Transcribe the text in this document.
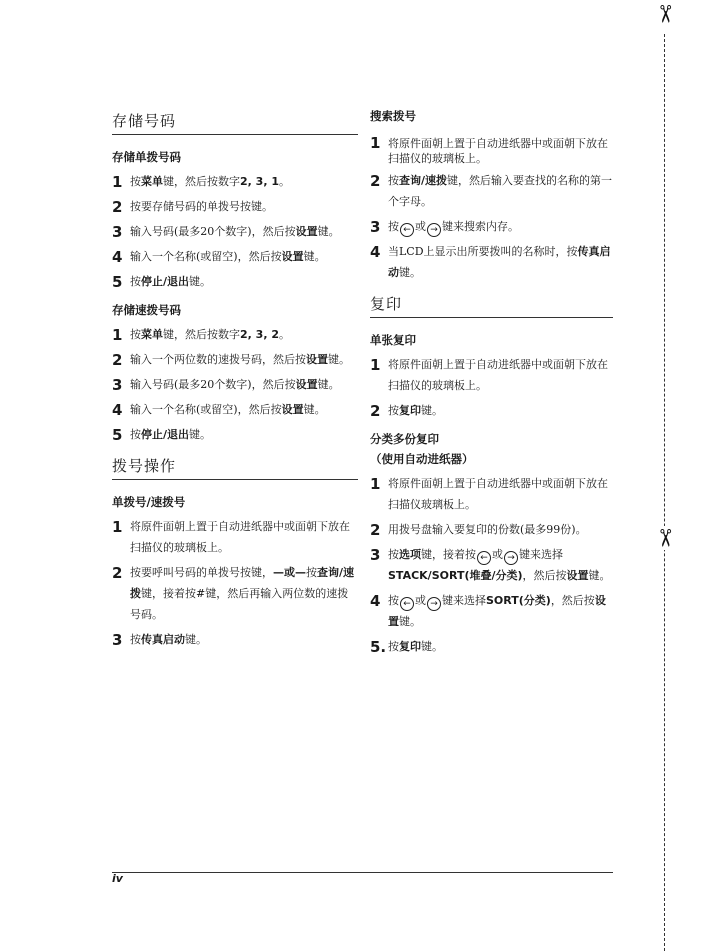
✂
✂
存储号码
存储单拨号码
1 按菜单键，然后按数字2, 3, 1。
2 按要存储号码的单拨号按键。
3 输入号码(最多20个数字)，然后按设置键。
4 输入一个名称(或留空)，然后按设置键。
5 按停止/退出键。
存储速拨号码
1 按菜单键，然后按数字2, 3, 2。
2 输入一个两位数的速拨号码，然后按设置键。
3 输入号码(最多20个数字)，然后按设置键。
4 输入一个名称(或留空)，然后按设置键。
5 按停止/退出键。
拨号操作
单拨号/速拨号
1 将原件面朝上置于自动进纸器中或面朝下放在扫描仪的玻璃板上。
2 按要呼叫号码的单拨号按键，—或—按查询/速拨键，接着按#键，然后再输入两位数的速拨号码。
3 按传真启动键。
搜索拨号
1 将原件面朝上置于自动进纸器中或面朝下放在扫描仪的玻璃板上。
2 按查询/速拨键，然后输入要查找的名称的第一个字母。
3 按 ← 或 → 键来搜索内存。
4 当LCD上显示出所要拨叫的名称时，按传真启动键。
复印
单张复印
1 将原件面朝上置于自动进纸器中或面朝下放在扫描仪的玻璃板上。
2 按复印键。
分类多份复印
（使用自动进纸器）
1 将原件面朝上置于自动进纸器中或面朝下放在扫描仪玻璃板上。
2 用拨号盘输入要复印的份数(最多99份)。
3 按选项键，接着按 ← 或 → 键来选择
STACK/SORT(堆叠/分类)，然后按设置键。
4 按 ← 或 → 键来选择SORT(分类)，然后按设置键。
5. 按复印键。
iv
